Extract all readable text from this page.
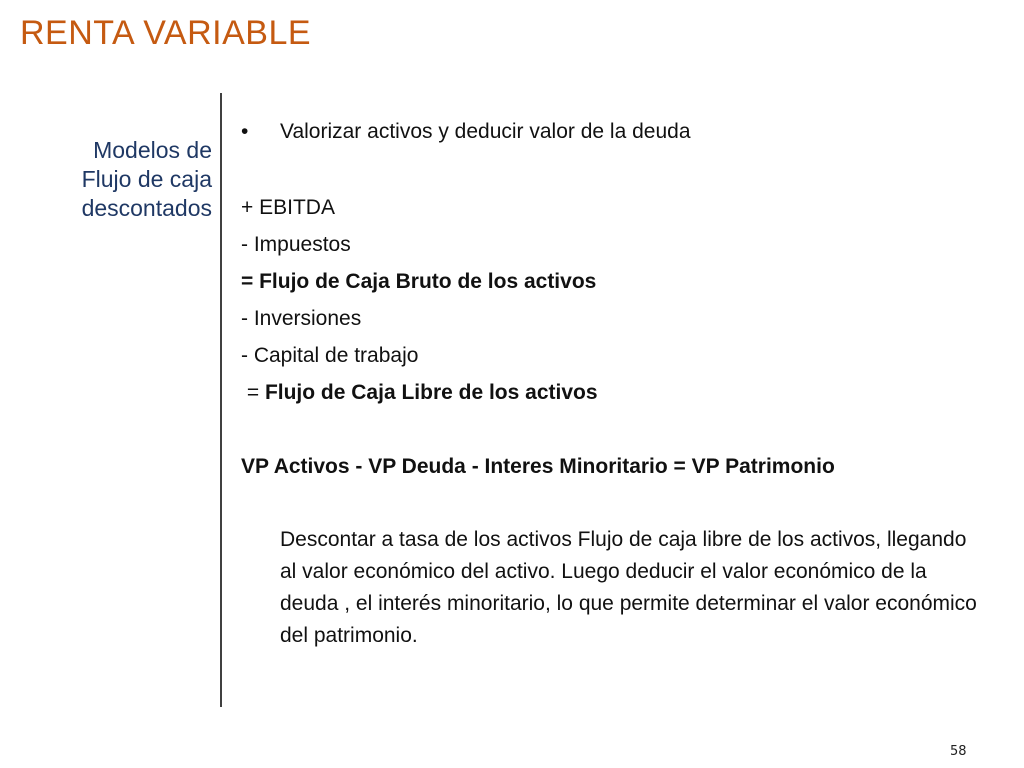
RENTA VARIABLE
Modelos de Flujo de caja descontados
• Valorizar activos y deducir valor de la deuda
+ EBITDA
- Impuestos
= Flujo de Caja Bruto de los activos
- Inversiones
- Capital de trabajo
= Flujo de Caja Libre de los activos
VP Activos - VP Deuda - Interes Minoritario = VP Patrimonio
Descontar a tasa de los activos Flujo de caja libre de los activos, llegando al valor económico del activo. Luego deducir el valor económico de la deuda , el interés minoritario, lo que permite determinar el valor económico del patrimonio.
58
